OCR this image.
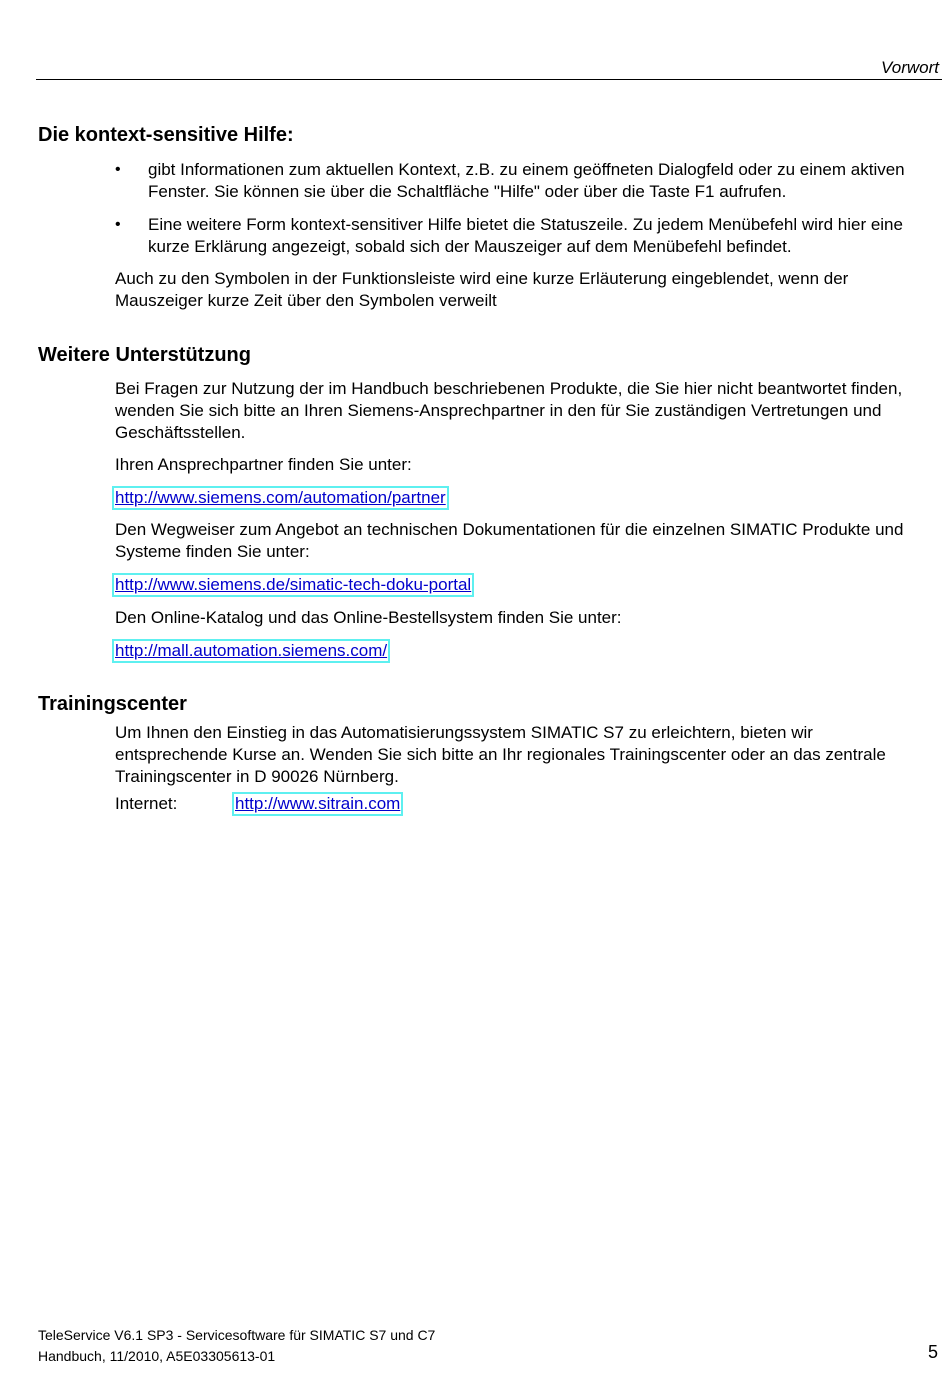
Vorwort
Die kontext-sensitive Hilfe:
• gibt Informationen zum aktuellen Kontext, z.B. zu einem geöffneten Dialogfeld oder zu einem aktiven Fenster. Sie können sie über die Schaltfläche "Hilfe" oder über die Taste F1 aufrufen.
• Eine weitere Form kontext-sensitiver Hilfe bietet die Statuszeile. Zu jedem Menübefehl wird hier eine kurze Erklärung angezeigt, sobald sich der Mauszeiger auf dem Menübefehl befindet.

Auch zu den Symbolen in der Funktionsleiste wird eine kurze Erläuterung eingeblendet, wenn der Mauszeiger kurze Zeit über den Symbolen verweilt

Weitere Unterstützung

Bei Fragen zur Nutzung der im Handbuch beschriebenen Produkte, die Sie hier nicht beantwortet finden, wenden Sie sich bitte an Ihren Siemens-Ansprechpartner in den für Sie zuständigen Vertretungen und Geschäftsstellen.

Ihren Ansprechpartner finden Sie unter:

http://www.siemens.com/automation/partner

Den Wegweiser zum Angebot an technischen Dokumentationen für die einzelnen SIMATIC Produkte und Systeme finden Sie unter:

http://www.siemens.de/simatic-tech-doku-portal

Den Online-Katalog und das Online-Bestellsystem finden Sie unter:

http://mall.automation.siemens.com/
Trainingscenter

Um Ihnen den Einstieg in das Automatisierungssystem SIMATIC S7 zu erleichtern, bieten wir entsprechende Kurse an. Wenden Sie sich bitte an Ihr regionales Trainingscenter oder an das zentrale Trainingscenter in D 90026 Nürnberg.

Internet:	http://www.sitrain.com
TeleService V6.1 SP3 - Servicesoftware für SIMATIC S7 und C7
Handbuch, 11/2010, A5E03305613-01	5
